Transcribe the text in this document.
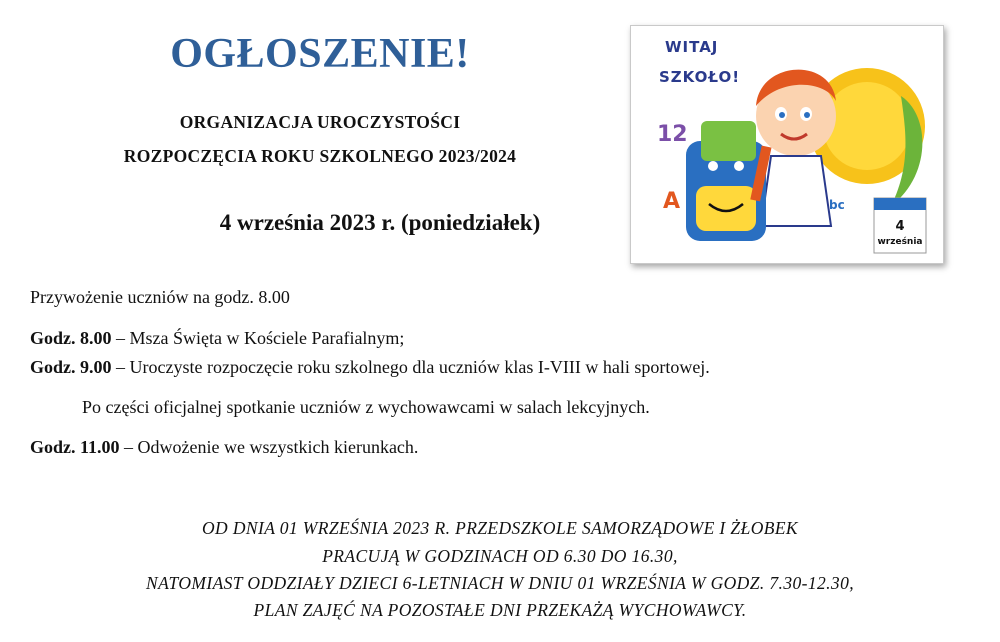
OGŁOSZENIE!
ORGANIZACJA UROCZYSTOŚCI
ROZPOCZĘCIA ROKU SZKOLNEGO 2023/2024
4 września 2023 r. (poniedziałek)
12
A	bc
WITAJ
SZKOŁO!
4
września
Przywożenie uczniów na godz. 8.00
Godz. 8.00 – Msza Święta w Kościele Parafialnym;
Godz. 9.00 – Uroczyste rozpoczęcie roku szkolnego dla uczniów klas I-VIII w hali sportowej.
Po części oficjalnej spotkanie uczniów z wychowawcami w salach lekcyjnych.
Godz. 11.00 – Odwożenie we wszystkich kierunkach.
OD DNIA 01 WRZEŚNIA 2023 R. PRZEDSZKOLE SAMORZĄDOWE I ŻŁOBEK
PRACUJĄ W GODZINACH OD 6.30 DO 16.30,
NATOMIAST ODDZIAŁY DZIECI 6-LETNIACH W DNIU 01 WRZEŚNIA W GODZ. 7.30-12.30,
PLAN ZAJĘĆ NA POZOSTAŁE DNI PRZEKAŻĄ WYCHOWAWCY.
